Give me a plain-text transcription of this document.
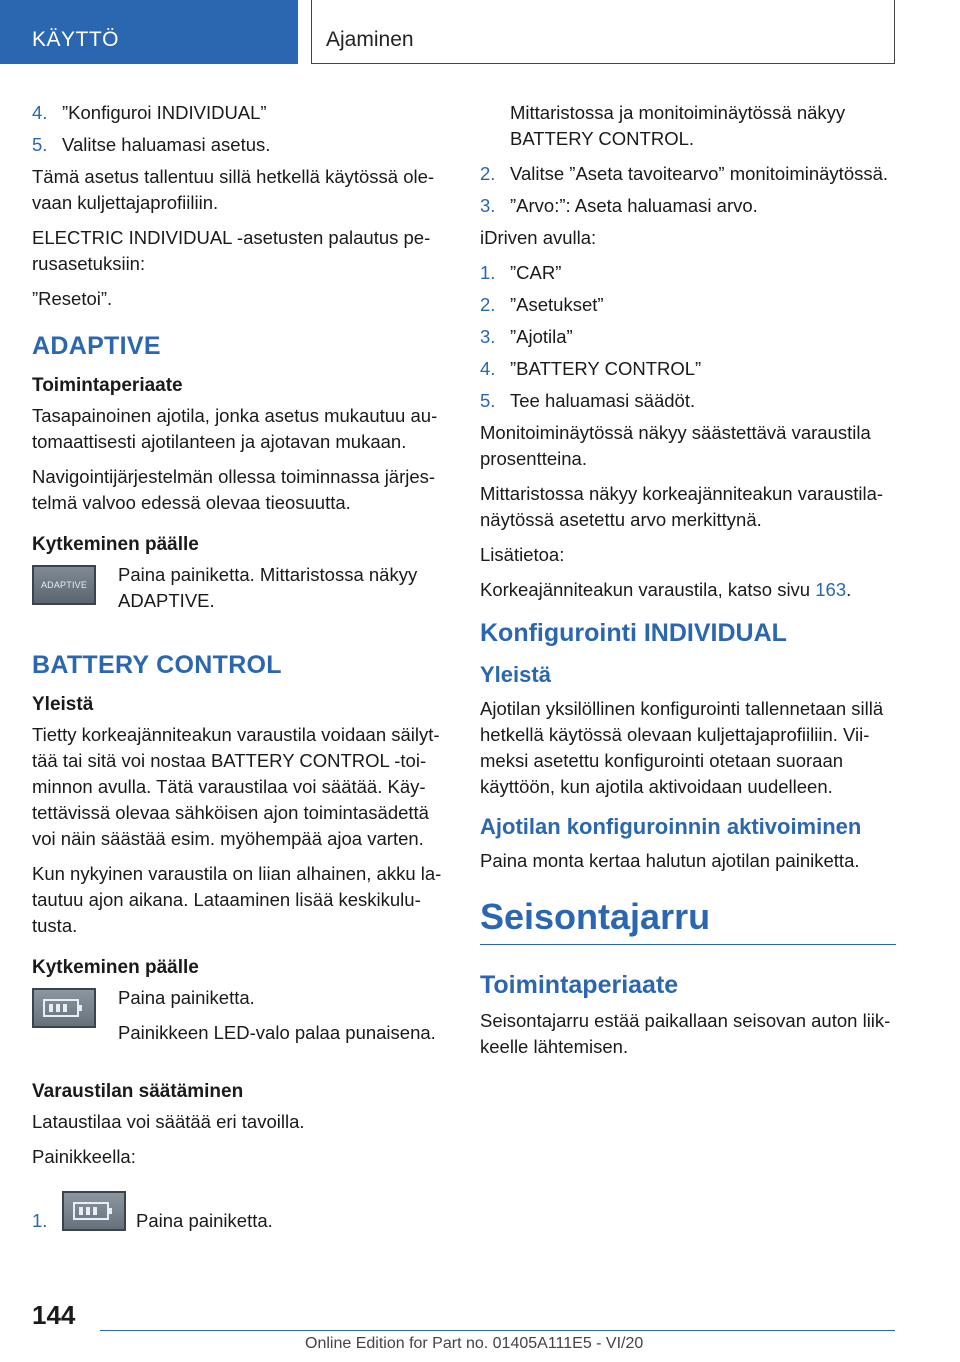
KÄYTTÖ	Ajaminen
4. ”Konfiguroi INDIVIDUAL”
5. Valitse haluamasi asetus.

Tämä asetus tallentuu sillä hetkellä käytössä olevaan kuljettajaprofiiliin.

ELECTRIC INDIVIDUAL -asetusten palautus perusasetuksiin:

”Resetoi”.

ADAPTIVE
Toimintaperiaate

Tasapainoinen ajotila, jonka asetus mukautuu automaattisesti ajotilanteen ja ajotavan mukaan.

Navigointijärjestelmän ollessa toiminnassa järjestelmä valvoo edessä olevaa tieosuutta.

Kytkeminen päälle
ADAPTIVE	Paina painiketta. Mittaristossa näkyy ADAPTIVE.

BATTERY CONTROL
Yleistä

Tietty korkeajänniteakun varaustila voidaan säilyttää tai sitä voi nostaa BATTERY CONTROL -toiminnon avulla. Tätä varaustilaa voi säätää. Käytettävissä olevaa sähköisen ajon toimintasädettä voi näin säästää esim. myöhempää ajoa varten.

Kun nykyinen varaustila on liian alhainen, akku latautuu ajon aikana. Lataaminen lisää keskikulutusta.

Kytkeminen päälle

Paina painiketta.

Painikkeen LED-valo palaa punaisena.

Varaustilan säätäminen

Lataustilaa voi säätää eri tavoilla.

Painikkeella:

1.	Paina painiketta.

Mittaristossa ja monitoiminäytössä näkyy BATTERY CONTROL.

2. Valitse ”Aseta tavoitearvo” monitoiminäytössä.
3. ”Arvo:”: Aseta haluamasi arvo.

iDriven avulla:

1. ”CAR”
2. ”Asetukset”
3. ”Ajotila”
4. ”BATTERY CONTROL”
5. Tee haluamasi säädöt.

Monitoiminäytössä näkyy säästettävä varaustila prosentteina.

Mittaristossa näkyy korkeajänniteakun varaustilanäytössä asetettu arvo merkittynä.

Lisätietoa:

Korkeajänniteakun varaustila, katso sivu 163.

Konfigurointi INDIVIDUAL
Yleistä

Ajotilan yksilöllinen konfigurointi tallennetaan sillä hetkellä käytössä olevaan kuljettajaprofiiliin. Viimeksi asetettu konfigurointi otetaan suoraan käyttöön, kun ajotila aktivoidaan uudelleen.

Ajotilan konfiguroinnin aktivoiminen

Paina monta kertaa halutun ajotilan painiketta.

Seisontajarru
Toimintaperiaate

Seisontajarru estää paikallaan seisovan auton liikkeelle lähtemisen.

144
Online Edition for Part no. 01405A111E5 - VI/20
